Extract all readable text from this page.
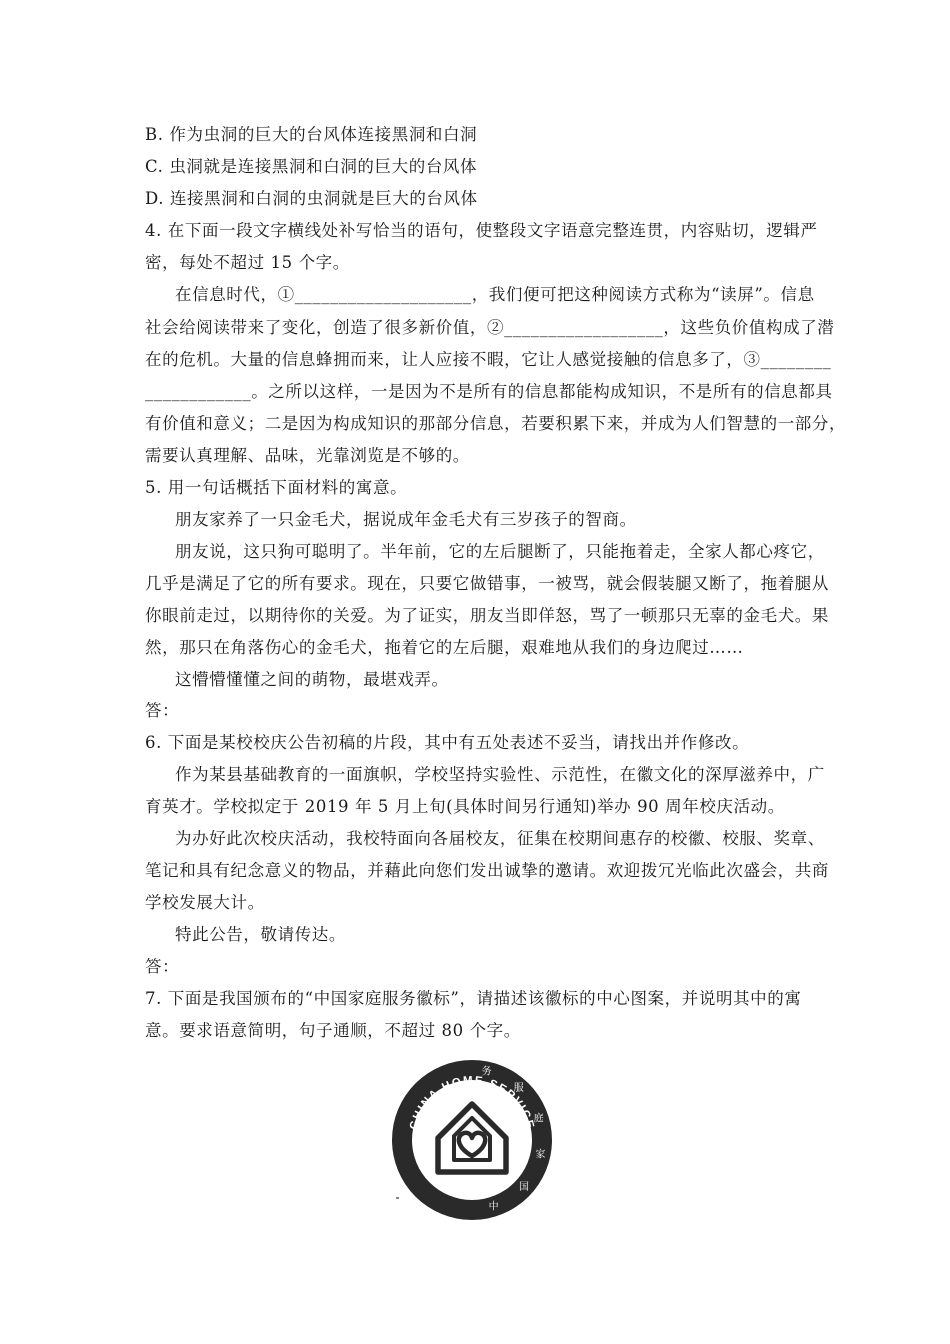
B. 作为虫洞的巨大的台风体连接黑洞和白洞
C. 虫洞就是连接黑洞和白洞的巨大的台风体
D. 连接黑洞和白洞的虫洞就是巨大的台风体
4. 在下面一段文字横线处补写恰当的语句，使整段文字语意完整连贯，内容贴切，逻辑严
密，每处不超过 15 个字。
在信息时代，①____________________，我们便可把这种阅读方式称为“读屏”。信息
社会给阅读带来了变化，创造了很多新价值，②__________________，这些负价值构成了潜
在的危机。大量的信息蜂拥而来，让人应接不暇，它让人感觉接触的信息多了，③________
____________。之所以这样，一是因为不是所有的信息都能构成知识，不是所有的信息都具
有价值和意义；二是因为构成知识的那部分信息，若要积累下来，并成为人们智慧的一部分，
需要认真理解、品味，光靠浏览是不够的。
5. 用一句话概括下面材料的寓意。
朋友家养了一只金毛犬，据说成年金毛犬有三岁孩子的智商。
朋友说，这只狗可聪明了。半年前，它的左后腿断了，只能拖着走，全家人都心疼它，
几乎是满足了它的所有要求。现在，只要它做错事，一被骂，就会假装腿又断了，拖着腿从
你眼前走过，以期待你的关爱。为了证实，朋友当即佯怒，骂了一顿那只无辜的金毛犬。果
然，那只在角落伤心的金毛犬，拖着它的左后腿，艰难地从我们的身边爬过……
这懵懵懂懂之间的萌物，最堪戏弄。
答：
6. 下面是某校校庆公告初稿的片段，其中有五处表述不妥当，请找出并作修改。
作为某县基础教育的一面旗帜，学校坚持实验性、示范性，在徽文化的深厚滋养中，广
育英才。学校拟定于 2019 年 5 月上旬(具体时间另行通知)举办 90 周年校庆活动。
为办好此次校庆活动，我校特面向各届校友，征集在校期间惠存的校徽、校服、奖章、
笔记和具有纪念意义的物品，并藉此向您们发出诚挚的邀请。欢迎拨冗光临此次盛会，共商
学校发展大计。
特此公告，敬请传达。
答：
7. 下面是我国颁布的“中国家庭服务徽标”，请描述该徽标的中心图案，并说明其中的寓
意。要求语意简明，句子通顺，不超过 80 个字。
CHINA HOME SERVICE
中
国
家
庭
服
务
